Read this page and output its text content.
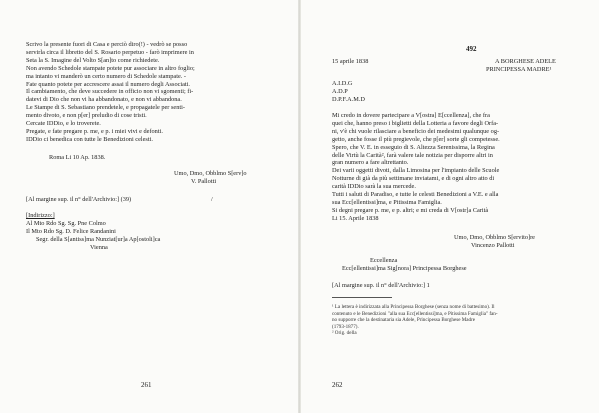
Scrivo la presente fuori di Casa e perciò diro(!) - vedrò se posso
servirla circa il libretto del S. Rosario perpetuo - farò imprimere in
Seta la S. Imagine del Volto S[an]to come richiedete.
Non avendo Schedole stampate potete pur associare in altro foglio;
ma intanto vi manderò un certo numero di Schedole stampate. -
Fate quanto potete per accrescere assai il numero degli Associati.
Il cambiamento, che deve succedere in officio non vi sgomenti; fi-
datevi di Dio che non vi ha abbandonato, e non vi abbandona.
Le Stampe di S. Sebastiano prendetele, e propagatele per senti-
mento divoto, e non p[er] preludio di cose tristi.
Cercate IDDio, e lo troverete.
Pregate, e fate pregare p. me, e p. i miei vivi e defonti.
IDDio ci benedica con tutte le Benedizioni celesti.
Roma Li 10 Ap. 1838.
Umo, Dmo, Obblmo S[erv]o
V. Pallotti
[Al margine sup. il n° dell'Archivio:] (39)	/
[Indirizzo:]
Al Mto Rdo Sg. Sg. Pne Colmo
Il Mto Rdo Sg. D. Felice Randanini
Segr. della S[antiss]ma Nunziat[ur]a Ap[ostoli]ca
Vienna
261
492
15 aprile 1838	A BORGHESE ADELE
PRINCIPESSA MADRE¹
A.I.D.G
A.D.P
D.P.F.A.M.D
Mi credo in dovere partecipare a V[ostra] E[ccellenza], che fra
quei che, hanno preso i biglietti della Lotteria a favore degli Orfa-
ni, v'è chi vuole rilasciare a beneficio dei medesimi qualunque og-
getto, anche fosse il più pregievole, che p[er] sorte gli competesse.
Spero, che V. E. in esseguio di S. Altezza Serenissima, la Regina
delle Virtù la Carità², farà valere tale notizia per disporre altri in
gran numero a fare altrettanto.
Dei varii oggetti divoti, dalla Limosina per l'impianto delle Scuole
Notturne di già da più settimane inviatami, e di ogni altro atto di
carità IDDio sarà la sua mercede.
Tutti i saluti di Paradiso, e tutte le celesti Benedizioni a V.E. e alla
sua Ecc[ellentissi]ma, e Pitissima Famiglia.
Si degni pregare p. me, e p. altri; e mi creda di V[ostr]a Carità
Li 15. Aprile 1838
Umo, Dmo, Obblmo S[ervito]re
Vincenzo Pallotti
Eccellenza
Ecc[ellentissi]ma Sig[nora] Principessa Borghese
[Al margine sup. il n° dell'Archivio:] 1
¹ La lettera è indirizzata alla Principessa Borghese (senza nome di battesimo). Il
contenuto e le Benedizioni "alla sua Ecc[ellentissi]ma, e Pitissima Famiglia" fan-
no supporre che la destinataria sia Adele, Principessa Borghese Madre
(1793-1877).
² Orig. della
262
